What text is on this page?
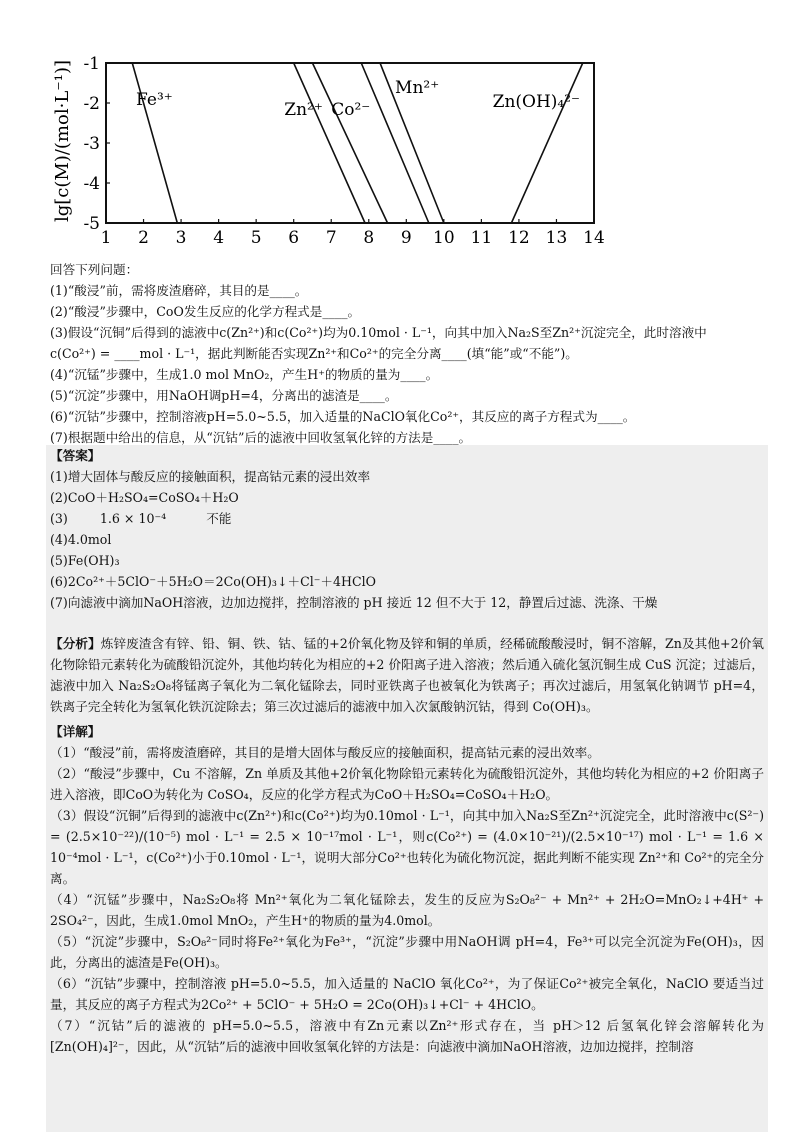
lg[c(M)/(mol·L⁻¹)]
1 2 3 4 5 6 7 8 9 10 11 12 13 14
-1
-2
-3
-4
-5
Fe³⁺	Zn²⁺ Co²⁻
Mn²⁺
Zn(OH)₄²⁻
回答下列问题：
(1)“酸浸”前，需将废渣磨碎，其目的是____。
(2)“酸浸”步骤中，CoO发生反应的化学方程式是____。
(3)假设“沉铜”后得到的滤液中c(Zn²⁺)和c(Co²⁺)均为0.10mol · L⁻¹，向其中加入Na₂S至Zn²⁺沉淀完全，此时溶液中
c(Co²⁺) = ____mol · L⁻¹，据此判断能否实现Zn²⁺和Co²⁺的完全分离____(填“能”或“不能”)。
(4)“沉锰”步骤中，生成1.0 mol MnO₂，产生H⁺的物质的量为____。
(5)“沉淀”步骤中，用NaOH调pH=4，分离出的滤渣是____。
(6)“沉钴”步骤中，控制溶液pH=5.0~5.5，加入适量的NaClO氧化Co²⁺，其反应的离子方程式为____。
(7)根据题中给出的信息，从“沉钴”后的滤液中回收氢氧化锌的方法是____。
【答案】
(1)增大固体与酸反应的接触面积，提高钴元素的浸出效率
(2)CoO＋H₂SO₄=CoSO₄＋H₂O
(3)        1.6 × 10⁻⁴          不能
(4)4.0mol
(5)Fe(OH)₃
(6)2Co²⁺＋5ClO⁻＋5H₂O＝2Co(OH)₃↓＋Cl⁻＋4HClO
(7)向滤液中滴加NaOH溶液，边加边搅拌，控制溶液的 pH 接近 12 但不大于 12，静置后过滤、洗涤、干燥
【分析】炼锌废渣含有锌、铅、铜、铁、钴、锰的+2价氧化物及锌和铜的单质，经稀硫酸酸浸时，铜不溶解，Zn及其他+2价氧化物除铅元素转化为硫酸铅沉淀外，其他均转化为相应的+2 价阳离子进入溶液；然后通入硫化氢沉铜生成 CuS 沉淀；过滤后，滤液中加入 Na₂S₂O₈将锰离子氧化为二氧化锰除去，同时亚铁离子也被氧化为铁离子；再次过滤后，用氢氧化钠调节 pH=4，铁离子完全转化为氢氧化铁沉淀除去；第三次过滤后的滤液中加入次氯酸钠沉钴，得到 Co(OH)₃。
【详解】
（1）“酸浸”前，需将废渣磨碎，其目的是增大固体与酸反应的接触面积，提高钴元素的浸出效率。
（2）“酸浸”步骤中，Cu 不溶解，Zn 单质及其他+2价氧化物除铅元素转化为硫酸铅沉淀外，其他均转化为相应的+2 价阳离子进入溶液，即CoO为转化为 CoSO₄，反应的化学方程式为CoO＋H₂SO₄=CoSO₄＋H₂O。
（3）假设“沉铜”后得到的滤液中c(Zn²⁺)和c(Co²⁺)均为0.10mol · L⁻¹，向其中加入Na₂S至Zn²⁺沉淀完全，此时溶液中c(S²⁻) = (2.5×10⁻²²)/(10⁻⁵) mol · L⁻¹ = 2.5 × 10⁻¹⁷mol · L⁻¹，则c(Co²⁺) = (4.0×10⁻²¹)/(2.5×10⁻¹⁷) mol · L⁻¹ = 1.6 × 10⁻⁴mol · L⁻¹，c(Co²⁺)小于0.10mol · L⁻¹，说明大部分Co²⁺也转化为硫化物沉淀，据此判断不能实现 Zn²⁺和 Co²⁺的完全分离。
（4）“沉锰”步骤中，Na₂S₂O₈将 Mn²⁺氧化为二氧化锰除去，发生的反应为S₂O₈²⁻ + Mn²⁺ + 2H₂O=MnO₂↓+4H⁺ + 2SO₄²⁻，因此，生成1.0mol MnO₂，产生H⁺的物质的量为4.0mol。
（5）“沉淀”步骤中，S₂O₈²⁻同时将Fe²⁺氧化为Fe³⁺，“沉淀”步骤中用NaOH调 pH=4，Fe³⁺可以完全沉淀为Fe(OH)₃，因此，分离出的滤渣是Fe(OH)₃。
（6）“沉钴”步骤中，控制溶液 pH=5.0~5.5，加入适量的 NaClO 氧化Co²⁺，为了保证Co²⁺被完全氧化，NaClO 要适当过量，其反应的离子方程式为2Co²⁺ + 5ClO⁻ + 5H₂O = 2Co(OH)₃↓+Cl⁻ + 4HClO。
（7）“沉钴”后的滤液的 pH=5.0~5.5，溶液中有Zn元素以Zn²⁺形式存在，当 pH＞12 后氢氧化锌会溶解转化为[Zn(OH)₄]²⁻，因此，从“沉钴”后的滤液中回收氢氧化锌的方法是：向滤液中滴加NaOH溶液，边加边搅拌，控制溶
